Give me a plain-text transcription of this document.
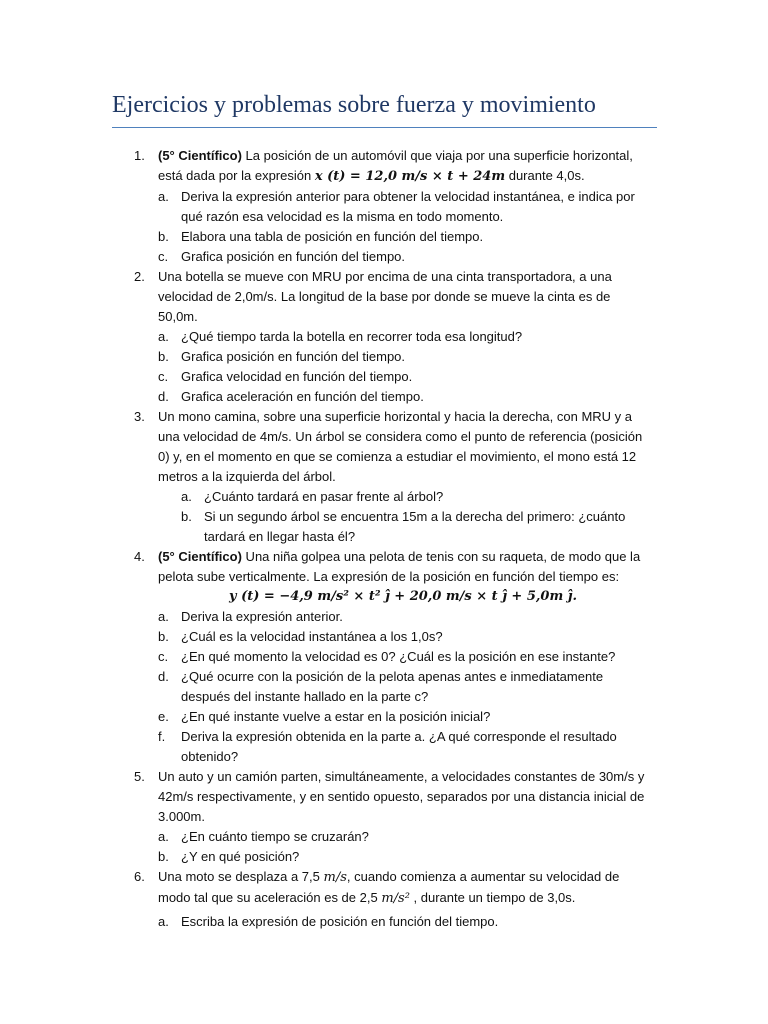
Ejercicios y problemas sobre fuerza y movimiento
1. (5° Científico) La posición de un automóvil que viaja por una superficie horizontal, está dada por la expresión x (t) = 12,0 m/s × t + 24m durante 4,0s.
a. Deriva la expresión anterior para obtener la velocidad instantánea, e indica por qué razón esa velocidad es la misma en todo momento.
b. Elabora una tabla de posición en función del tiempo.
c. Grafica posición en función del tiempo.
2. Una botella se mueve con MRU por encima de una cinta transportadora, a una velocidad de 2,0m/s. La longitud de la base por donde se mueve la cinta es de 50,0m.
a. ¿Qué tiempo tarda la botella en recorrer toda esa longitud?
b. Grafica posición en función del tiempo.
c. Grafica velocidad en función del tiempo.
d. Grafica aceleración en función del tiempo.
3. Un mono camina, sobre una superficie horizontal y hacia la derecha, con MRU y a una velocidad de 4m/s. Un árbol se considera como el punto de referencia (posición 0) y, en el momento en que se comienza a estudiar el movimiento, el mono está 12 metros a la izquierda del árbol.
a. ¿Cuánto tardará en pasar frente al árbol?
b. Si un segundo árbol se encuentra 15m a la derecha del primero: ¿cuánto tardará en llegar hasta él?
4. (5° Científico) Una niña golpea una pelota de tenis con su raqueta, de modo que la pelota sube verticalmente. La expresión de la posición en función del tiempo es:
y (t) = −4,9 m/s² × t² ĵ + 20,0 m/s × t ĵ + 5,0m ĵ.
a. Deriva la expresión anterior.
b. ¿Cuál es la velocidad instantánea a los 1,0s?
c. ¿En qué momento la velocidad es 0? ¿Cuál es la posición en ese instante?
d. ¿Qué ocurre con la posición de la pelota apenas antes e inmediatamente después del instante hallado en la parte c?
e. ¿En qué instante vuelve a estar en la posición inicial?
f. Deriva la expresión obtenida en la parte a. ¿A qué corresponde el resultado obtenido?
5. Un auto y un camión parten, simultáneamente, a velocidades constantes de 30m/s y 42m/s respectivamente, y en sentido opuesto, separados por una distancia inicial de 3.000m.
a. ¿En cuánto tiempo se cruzarán?
b. ¿Y en qué posición?
6. Una moto se desplaza a 7,5 m/s, cuando comienza a aumentar su velocidad de modo tal que su aceleración es de 2,5 m/s² , durante un tiempo de 3,0s.
a. Escriba la expresión de posición en función del tiempo.
